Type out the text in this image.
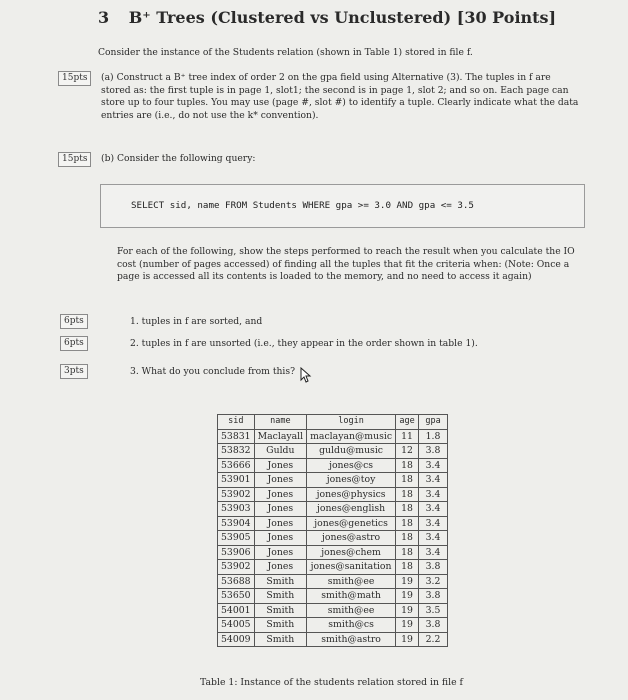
3 B⁺ Trees (Clustered vs Unclustered) [30 Points]
Consider the instance of the Students relation (shown in Table 1) stored in file f.
15pts	(a) Construct a B⁺ tree index of order 2 on the gpa field using Alternative (3). The tuples in f are stored as: the first tuple is in page 1, slot1; the second is in page 1, slot 2; and so on. Each page can store up to four tuples. You may use (page #, slot #) to identify a tuple. Clearly indicate what the data entries are (i.e., do not use the k* convention).
15pts	(b) Consider the following query:
SELECT sid, name FROM Students WHERE gpa >= 3.0 AND gpa <= 3.5
For each of the following, show the steps performed to reach the result when you calculate the IO cost (number of pages accessed) of finding all the tuples that fit the criteria when: (Note: Once a page is accessed all its contents is loaded to the memory, and no need to access it again)
6pts	1. tuples in f are sorted, and
6pts	2. tuples in f are unsorted (i.e., they appear in the order shown in table 1).
3pts	3. What do you conclude from this?
sid	name	login	age	gpa
53831	Maclayall	maclayan@music	11	1.8
53832	Guldu	guldu@music	12	3.8
53666	Jones	jones@cs	18	3.4
53901	Jones	jones@toy	18	3.4
53902	Jones	jones@physics	18	3.4
53903	Jones	jones@english	18	3.4
53904	Jones	jones@genetics	18	3.4
53905	Jones	jones@astro	18	3.4
53906	Jones	jones@chem	18	3.4
53902	Jones	jones@sanitation	18	3.8
53688	Smith	smith@ee	19	3.2
53650	Smith	smith@math	19	3.8
54001	Smith	smith@ee	19	3.5
54005	Smith	smith@cs	19	3.8
54009	Smith	smith@astro	19	2.2
Table 1: Instance of the students relation stored in file f
